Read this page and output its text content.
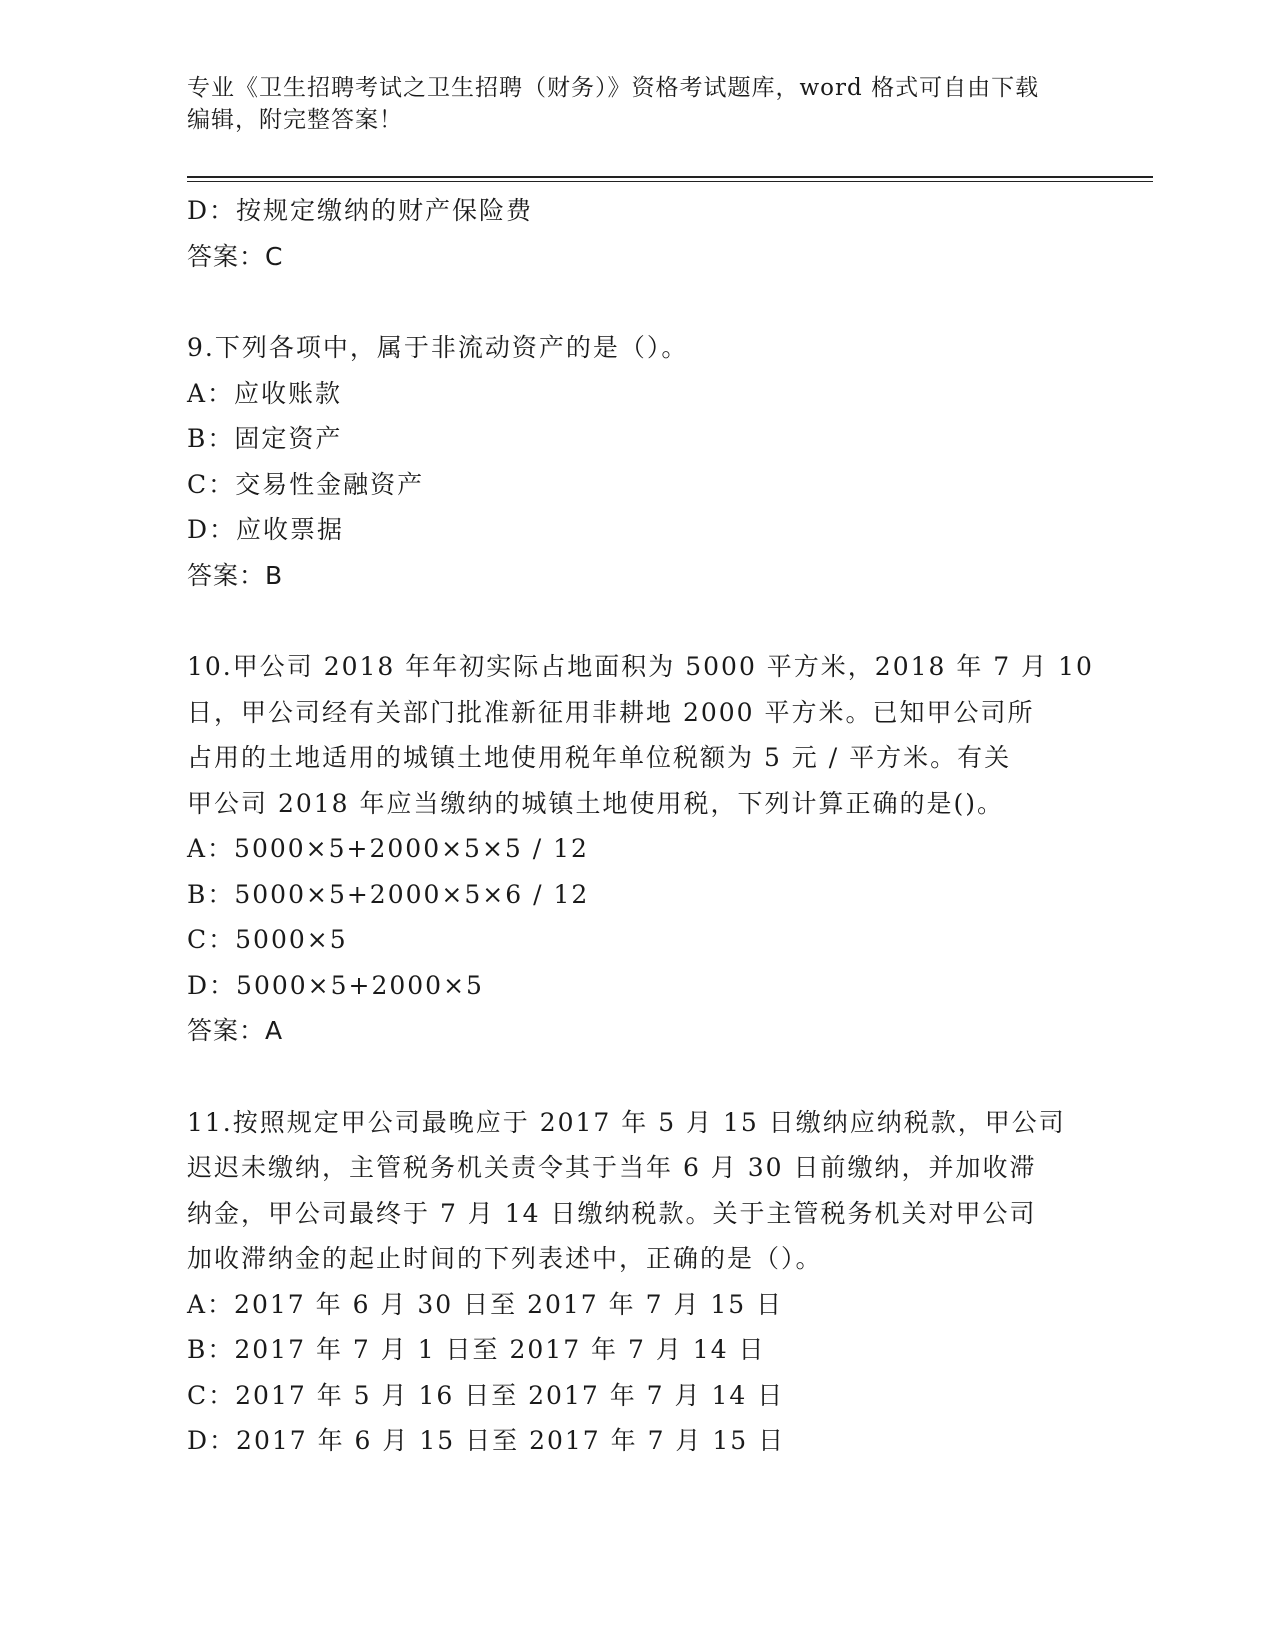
专业《卫生招聘考试之卫生招聘（财务）》资格考试题库，word 格式可自由下载
编辑，附完整答案！
D：按规定缴纳的财产保险费
答案：C
9.下列各项中，属于非流动资产的是（）。
A：应收账款
B：固定资产
C：交易性金融资产
D：应收票据
答案：B
10.甲公司 2018 年年初实际占地面积为 5000 平方米，2018 年 7 月 10
日，甲公司经有关部门批准新征用非耕地 2000 平方米。已知甲公司所
占用的土地适用的城镇土地使用税年单位税额为 5 元 / 平方米。有关
甲公司 2018 年应当缴纳的城镇土地使用税，下列计算正确的是()。
A：5000×5+2000×5×5 / 12
B：5000×5+2000×5×6 / 12
C：5000×5
D：5000×5+2000×5
答案：A
11.按照规定甲公司最晚应于 2017 年 5 月 15 日缴纳应纳税款，甲公司
迟迟未缴纳，主管税务机关责令其于当年 6 月 30 日前缴纳，并加收滞
纳金，甲公司最终于 7 月 14 日缴纳税款。关于主管税务机关对甲公司
加收滞纳金的起止时间的下列表述中，正确的是（）。
A：2017 年 6 月 30 日至 2017 年 7 月 15 日
B：2017 年 7 月 1 日至 2017 年 7 月 14 日
C：2017 年 5 月 16 日至 2017 年 7 月 14 日
D：2017 年 6 月 15 日至 2017 年 7 月 15 日
